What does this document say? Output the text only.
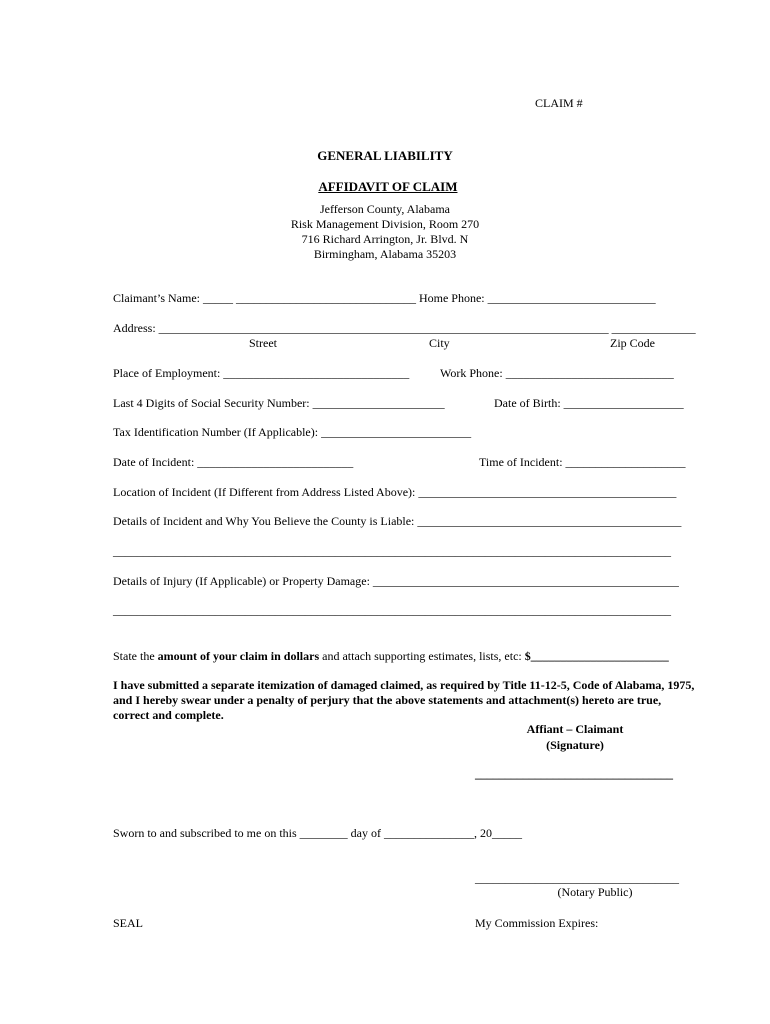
CLAIM #
GENERAL LIABILITY

AFFIDAVIT OF CLAIM

Jefferson County, Alabama
Risk Management Division, Room 270
716 Richard Arrington, Jr. Blvd. N
Birmingham, Alabama 35203
Claimant’s Name: _____ ______________________________ Home Phone: ____________________________
Address: ___________________________________________________________________________ ______________
Street	City	Zip Code
Place of Employment: _______________________________	Work Phone: ____________________________
Last 4 Digits of Social Security Number: ______________________	Date of Birth: ____________________
Tax Identification Number (If Applicable): _________________________
Date of Incident: __________________________	Time of Incident: ____________________
Location of Incident (If Different from Address Listed Above): ___________________________________________
Details of Incident and Why You Believe the County is Liable: ____________________________________________
_____________________________________________________________________________________________
Details of Injury (If Applicable) or Property Damage: ___________________________________________________
_____________________________________________________________________________________________
State the amount of your claim in dollars and attach supporting estimates, lists, etc: $_______________________
I have submitted a separate itemization of damaged claimed, as required by Title 11-12-5, Code of Alabama, 1975, and I hereby swear under a penalty of perjury that the above statements and attachment(s) hereto are true, correct and complete.
Affiant – Claimant
(Signature)
_________________________________
Sworn to and subscribed to me on this ________ day of _______________, 20_____
__________________________________
(Notary Public)
SEAL	My Commission Expires:
